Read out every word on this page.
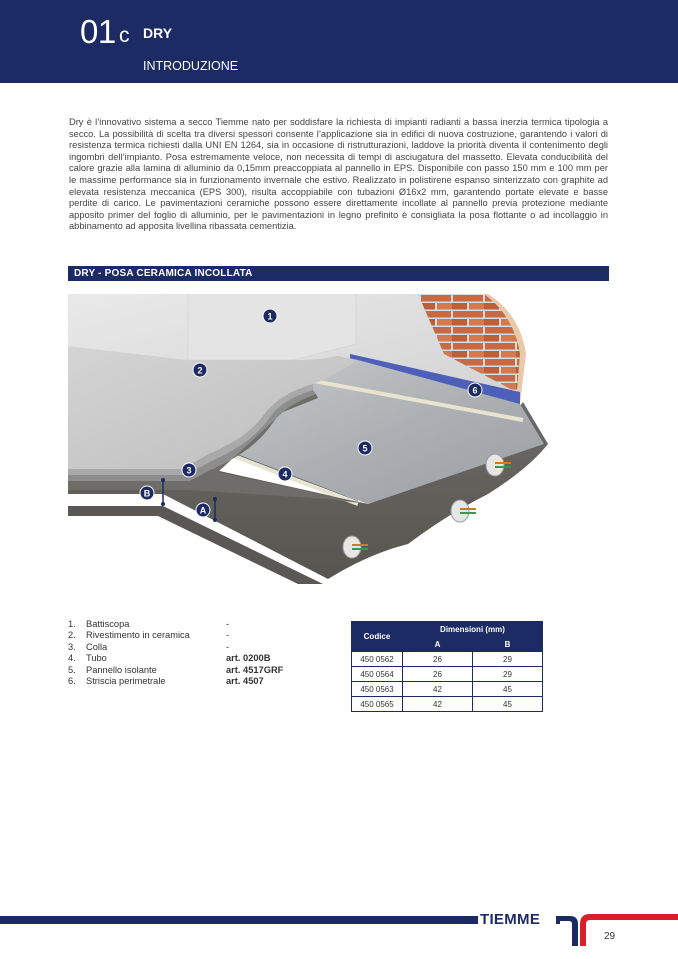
01 c DRY
INTRODUZIONE

Dry è l’innovativo sistema a secco Tiemme nato per soddisfare la richiesta di impianti radianti a bassa inerzia termica tipologia a secco. La possibilità di scelta tra diversi spessori consente l’applicazione sia in edifici di nuova costruzione, garantendo i valori di resistenza termica richiesti dalla UNI EN 1264, sia in occasione di ristrutturazioni, laddove la priorità diventa il contenimento degli ingombri dell’impianto. Posa estremamente veloce, non necessita di tempi di asciugatura del massetto. Elevata conducibilità del calore grazie alla lamina di alluminio da 0,15mm preaccoppiata al pannello in EPS. Disponibile con passo 150 mm e 100 mm per le massime performance sia in funzionamento invernale che estivo. Realizzato in polistirene espanso sinterizzato con graphite ad elevata resistenza meccanica (EPS 300), risulta accoppiabile con tubazioni Ø16x2 mm, garantendo portate elevate e basse perdite di carico. Le pavimentazioni ceramiche possono essere direttamente incollate al pannello previa protezione mediante apposito primer del foglio di alluminio, per le pavimentazioni in legno prefinito è consigliata la posa flottante o ad incollaggio in abbinamento ad apposita livellina ribassata cementizia.

DRY - POSA CERAMICA INCOLLATA
1
2
3	4
5
6
B
A
1. Battiscopa	-
2. Rivestimento in ceramica	-
3. Colla	-
4. Tubo	art. 0200B
5. Pannello isolante	art. 4517GRF
6. Striscia perimetrale	art. 4507
Codice	Dimensioni (mm)	
	A	B
450 0562	26	29
450 0564	26	29
450 0563	42	45
450 0565	42	45
TIEMME
29
